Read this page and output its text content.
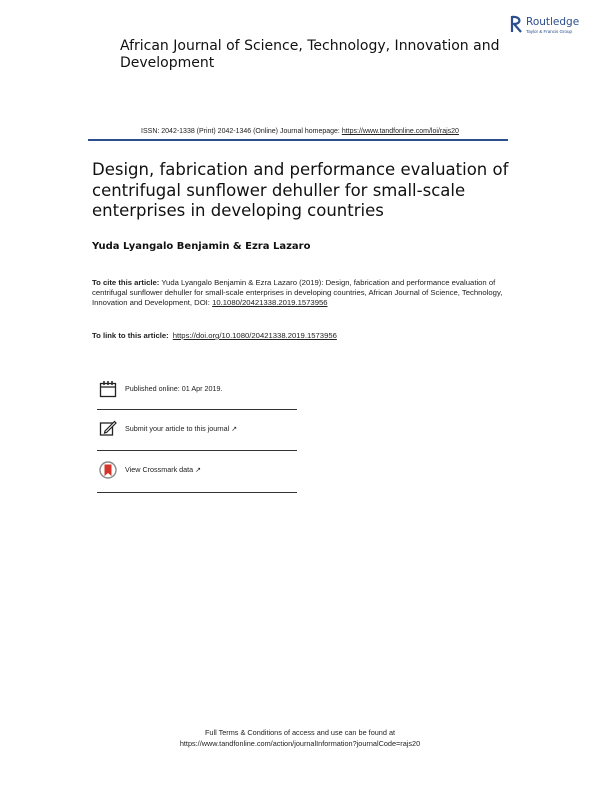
Routledge
Taylor & Francis Group
African Journal of Science, Technology, Innovation and Development
ISSN: 2042-1338 (Print) 2042-1346 (Online) Journal homepage: https://www.tandfonline.com/loi/rajs20
Design, fabrication and performance evaluation of centrifugal sunflower dehuller for small-scale enterprises in developing countries
Yuda Lyangalo Benjamin & Ezra Lazaro
To cite this article: Yuda Lyangalo Benjamin & Ezra Lazaro (2019): Design, fabrication and performance evaluation of centrifugal sunflower dehuller for small-scale enterprises in developing countries, African Journal of Science, Technology, Innovation and Development, DOI: 10.1080/20421338.2019.1573956
To link to this article: https://doi.org/10.1080/20421338.2019.1573956
Published online: 01 Apr 2019.
Submit your article to this journal ↗
View Crossmark data ↗
Full Terms & Conditions of access and use can be found at
https://www.tandfonline.com/action/journalInformation?journalCode=rajs20
